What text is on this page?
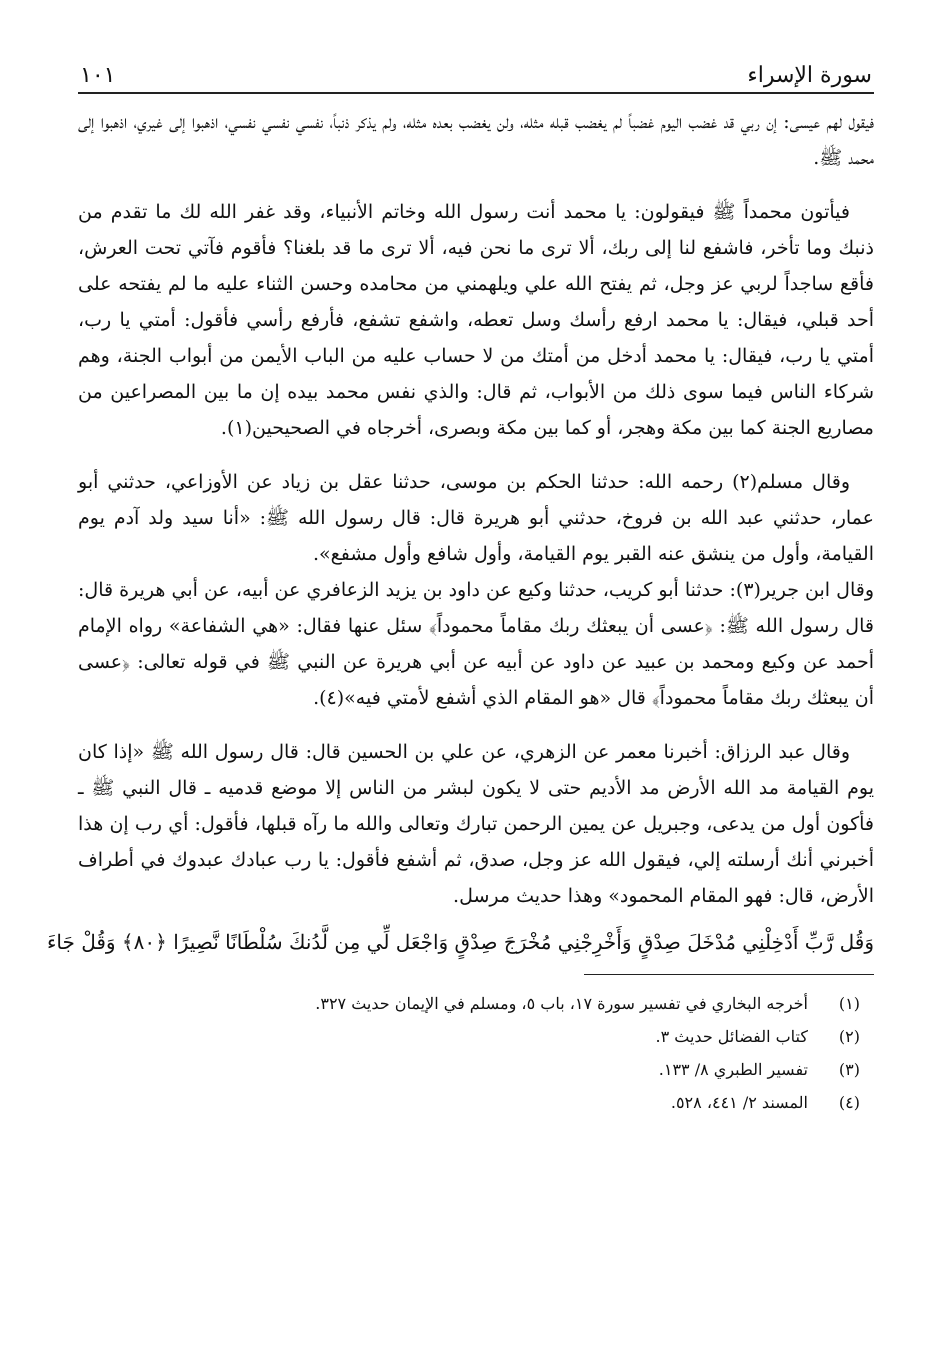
سورة الإسراء
١٠١

فيقول لهم عيسى: إن ربي قد غضب اليوم غضباً لم يغضب قبله مثله، ولن يغضب بعده مثله، ولم يذكر ذنباً، نفسي نفسي نفسي، اذهبوا إلى غيري، اذهبوا إلى محمد ﷺ.

فيأتون محمداً ﷺ فيقولون: يا محمد أنت رسول الله وخاتم الأنبياء، وقد غفر الله لك ما تقدم من ذنبك وما تأخر، فاشفع لنا إلى ربك، ألا ترى ما نحن فيه، ألا ترى ما قد بلغنا؟ فأقوم فآتي تحت العرش، فأقع ساجداً لربي عز وجل، ثم يفتح الله علي ويلهمني من محامده وحسن الثناء عليه ما لم يفتحه على أحد قبلي، فيقال: يا محمد ارفع رأسك وسل تعطه، واشفع تشفع، فأرفع رأسي فأقول: أمتي يا رب، أمتي يا رب، فيقال: يا محمد أدخل من أمتك من لا حساب عليه من الباب الأيمن من أبواب الجنة، وهم شركاء الناس فيما سوى ذلك من الأبواب، ثم قال: والذي نفس محمد بيده إن ما بين المصراعين من مصاريع الجنة كما بين مكة وهجر، أو كما بين مكة وبصرى، أخرجاه في الصحيحين(١).

وقال مسلم(٢) رحمه الله: حدثنا الحكم بن موسى، حدثنا عقل بن زياد عن الأوزاعي، حدثني أبو عمار، حدثني عبد الله بن فروخ، حدثني أبو هريرة قال: قال رسول الله ﷺ: «أنا سيد ولد آدم يوم القيامة، وأول من ينشق عنه القبر يوم القيامة، وأول شافع وأول مشفع».

وقال ابن جرير(٣): حدثنا أبو كريب، حدثنا وكيع عن داود بن يزيد الزعافري عن أبيه، عن أبي هريرة قال: قال رسول الله ﷺ: ﴿عسى أن يبعثك ربك مقاماً محموداً﴾ سئل عنها فقال: «هي الشفاعة» رواه الإمام أحمد عن وكيع ومحمد بن عبيد عن داود عن أبيه عن أبي هريرة عن النبي ﷺ في قوله تعالى: ﴿عسى أن يبعثك ربك مقاماً محموداً﴾ قال «هو المقام الذي أشفع لأمتي فيه»(٤).

وقال عبد الرزاق: أخبرنا معمر عن الزهري، عن علي بن الحسين قال: قال رسول الله ﷺ «إذا كان يوم القيامة مد الله الأرض مد الأديم حتى لا يكون لبشر من الناس إلا موضع قدميه ـ قال النبي ﷺ ـ فأكون أول من يدعى، وجبريل عن يمين الرحمن تبارك وتعالى والله ما رآه قبلها، فأقول: أي رب إن هذا أخبرني أنك أرسلته إلي، فيقول الله عز وجل، صدق، ثم أشفع فأقول: يا رب عبادك عبدوك في أطراف الأرض، قال: فهو المقام المحمود» وهذا حديث مرسل.

وَقُل رَّبِّ أَدْخِلْنِي مُدْخَلَ صِدْقٍ وَأَخْرِجْنِي مُخْرَجَ صِدْقٍ وَاجْعَل لِّي مِن لَّدُنكَ سُلْطَانًا نَّصِيرًا ﴿٨٠﴾ وَقُلْ جَاءَ
(١)
أخرجه البخاري في تفسير سورة ١٧، باب ٥، ومسلم في الإيمان حديث ٣٢٧.
(٢)
كتاب الفضائل حديث ٣.
(٣)
تفسير الطبري ٨/ ١٣٣.
(٤)
المسند ٢/ ٤٤١، ٥٢٨.
